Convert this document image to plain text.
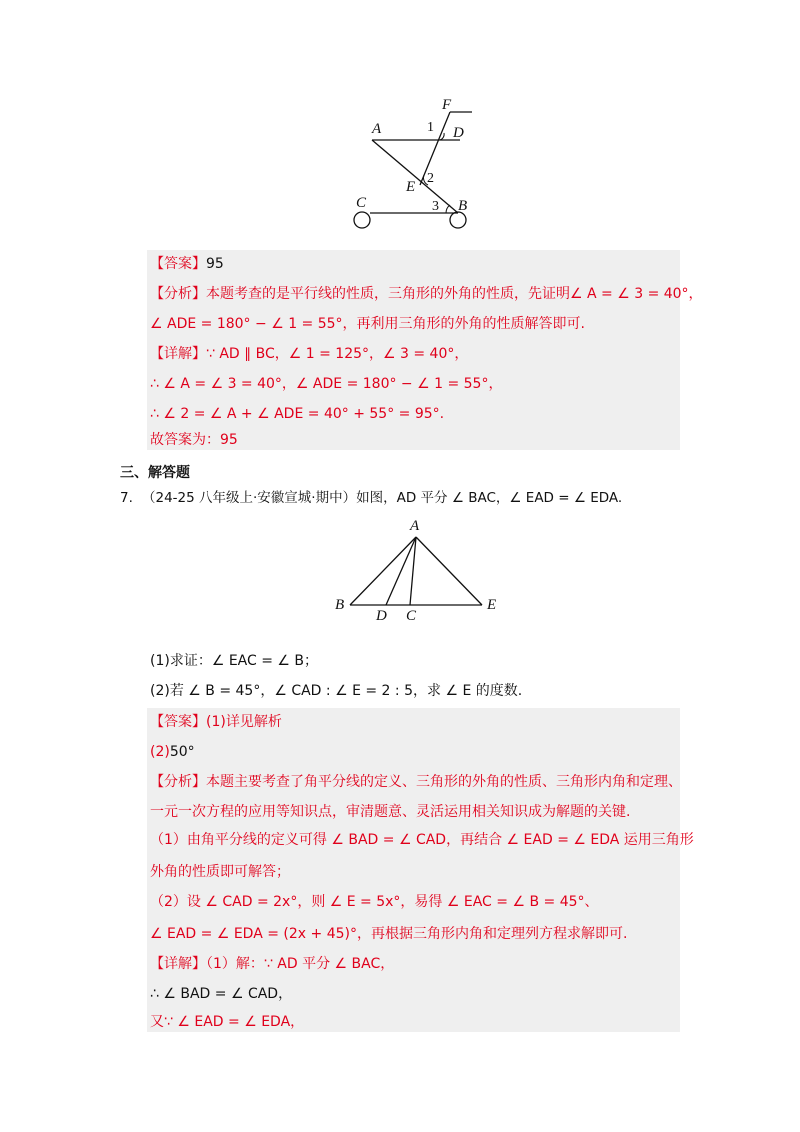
F
A	1 D
2
E
C	3 B
【答案】95
【分析】本题考查的是平行线的性质，三角形的外角的性质，先证明∠ A = ∠ 3 = 40°，
∠ ADE = 180° − ∠ 1 = 55°，再利用三角形的外角的性质解答即可.
【详解】∵ AD ∥ BC，∠ 1 = 125°，∠ 3 = 40°，
∴ ∠ A = ∠ 3 = 40°，∠ ADE = 180° − ∠ 1 = 55°，
∴ ∠ 2 = ∠ A + ∠ ADE = 40° + 55° = 95°.
故答案为：95
三、解答题
7. （24-25 八年级上·安徽宣城·期中）如图，AD 平分 ∠ BAC，∠ EAD = ∠ EDA.
A
B
D C
E
(1)求证：∠ EAC = ∠ B；
(2)若 ∠ B = 45°，∠ CAD : ∠ E = 2 : 5，求 ∠ E 的度数.
【答案】(1)详见解析
(2)50°
【分析】本题主要考查了角平分线的定义、三角形的外角的性质、三角形内角和定理、
一元一次方程的应用等知识点，审清题意、灵活运用相关知识成为解题的关键.
（1）由角平分线的定义可得 ∠ BAD = ∠ CAD，再结合 ∠ EAD = ∠ EDA 运用三角形
外角的性质即可解答；
（2）设 ∠ CAD = 2x°，则 ∠ E = 5x°，易得 ∠ EAC = ∠ B = 45°、
∠ EAD = ∠ EDA = (2x + 45)°，再根据三角形内角和定理列方程求解即可.
【详解】（1）解：∵ AD 平分 ∠ BAC，
∴ ∠ BAD = ∠ CAD，
又∵ ∠ EAD = ∠ EDA，
